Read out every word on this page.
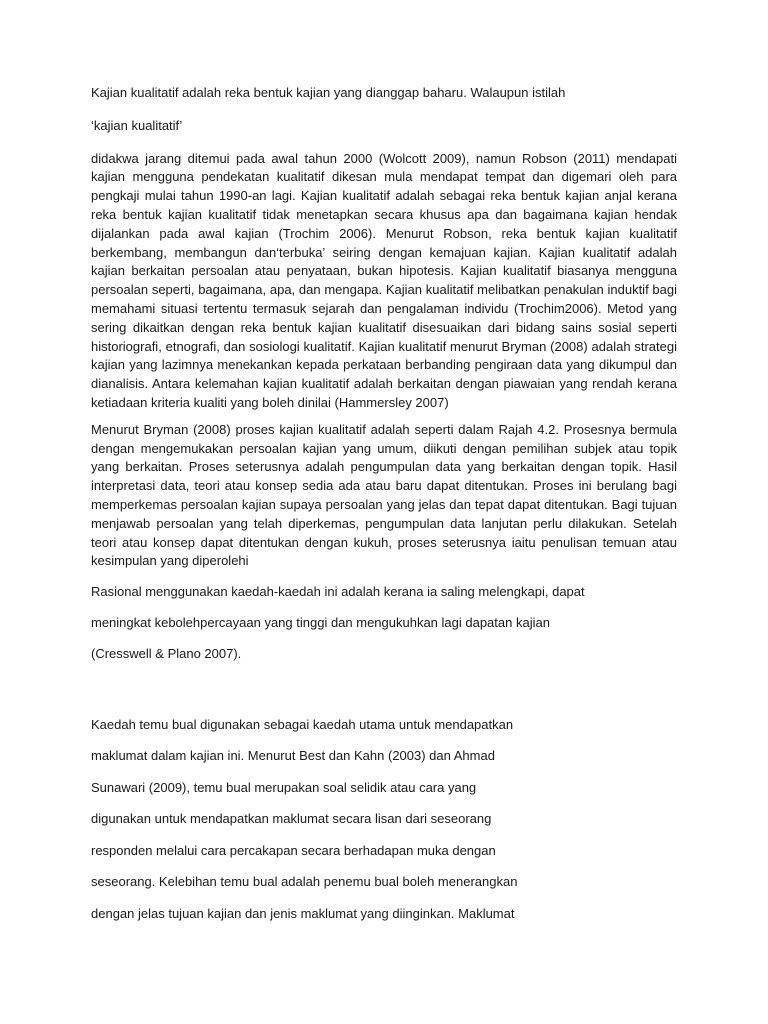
Kajian kualitatif adalah reka bentuk kajian yang dianggap baharu. Walaupun istilah

‘kajian kualitatif’

didakwa jarang ditemui pada awal tahun 2000 (Wolcott 2009), namun Robson (2011) mendapati kajian mengguna pendekatan kualitatif dikesan mula mendapat tempat dan digemari oleh para pengkaji mulai tahun 1990-an lagi. Kajian kualitatif adalah sebagai reka bentuk kajian anjal kerana reka bentuk kajian kualitatif tidak menetapkan secara khusus apa dan bagaimana kajian hendak dijalankan pada awal kajian (Trochim 2006). Menurut Robson, reka bentuk kajian kualitatif berkembang, membangun dan‘terbuka’ seiring dengan kemajuan kajian. Kajian kualitatif adalah kajian berkaitan persoalan atau penyataan, bukan hipotesis. Kajian kualitatif biasanya mengguna persoalan seperti, bagaimana, apa, dan mengapa. Kajian kualitatif melibatkan penakulan induktif bagi memahami situasi tertentu termasuk sejarah dan pengalaman individu (Trochim2006). Metod yang sering dikaitkan dengan reka bentuk kajian kualitatif disesuaikan dari bidang sains sosial seperti historiografi, etnografi, dan sosiologi kualitatif. Kajian kualitatif menurut Bryman (2008) adalah strategi kajian yang lazimnya menekankan kepada perkataan berbanding pengiraan data yang dikumpul dan dianalisis. Antara kelemahan kajian kualitatif adalah berkaitan dengan piawaian yang rendah kerana ketiadaan kriteria kualiti yang boleh dinilai (Hammersley 2007)

Menurut Bryman (2008) proses kajian kualitatif adalah seperti dalam Rajah 4.2. Prosesnya bermula dengan mengemukakan persoalan kajian yang umum, diikuti dengan pemilihan subjek atau topik yang berkaitan. Proses seterusnya adalah pengumpulan data yang berkaitan dengan topik. Hasil interpretasi data, teori atau konsep sedia ada atau baru dapat ditentukan. Proses ini berulang bagi memperkemas persoalan kajian supaya persoalan yang jelas dan tepat dapat ditentukan. Bagi tujuan menjawab persoalan yang telah diperkemas, pengumpulan data lanjutan perlu dilakukan. Setelah teori atau konsep dapat ditentukan dengan kukuh, proses seterusnya iaitu penulisan temuan atau kesimpulan yang diperolehi

Rasional menggunakan kaedah-kaedah ini adalah kerana ia saling melengkapi, dapat
meningkat kebolehpercayaan yang tinggi dan mengukuhkan lagi dapatan kajian
(Cresswell & Plano 2007).
Kaedah temu bual digunakan sebagai kaedah utama untuk mendapatkan
maklumat dalam kajian ini. Menurut Best dan Kahn (2003) dan Ahmad
Sunawari (2009), temu bual merupakan soal selidik atau cara yang
digunakan untuk mendapatkan maklumat secara lisan dari seseorang
responden melalui cara percakapan secara berhadapan muka dengan
seseorang. Kelebihan temu bual adalah penemu bual boleh menerangkan
dengan jelas tujuan kajian dan jenis maklumat yang diinginkan. Maklumat
